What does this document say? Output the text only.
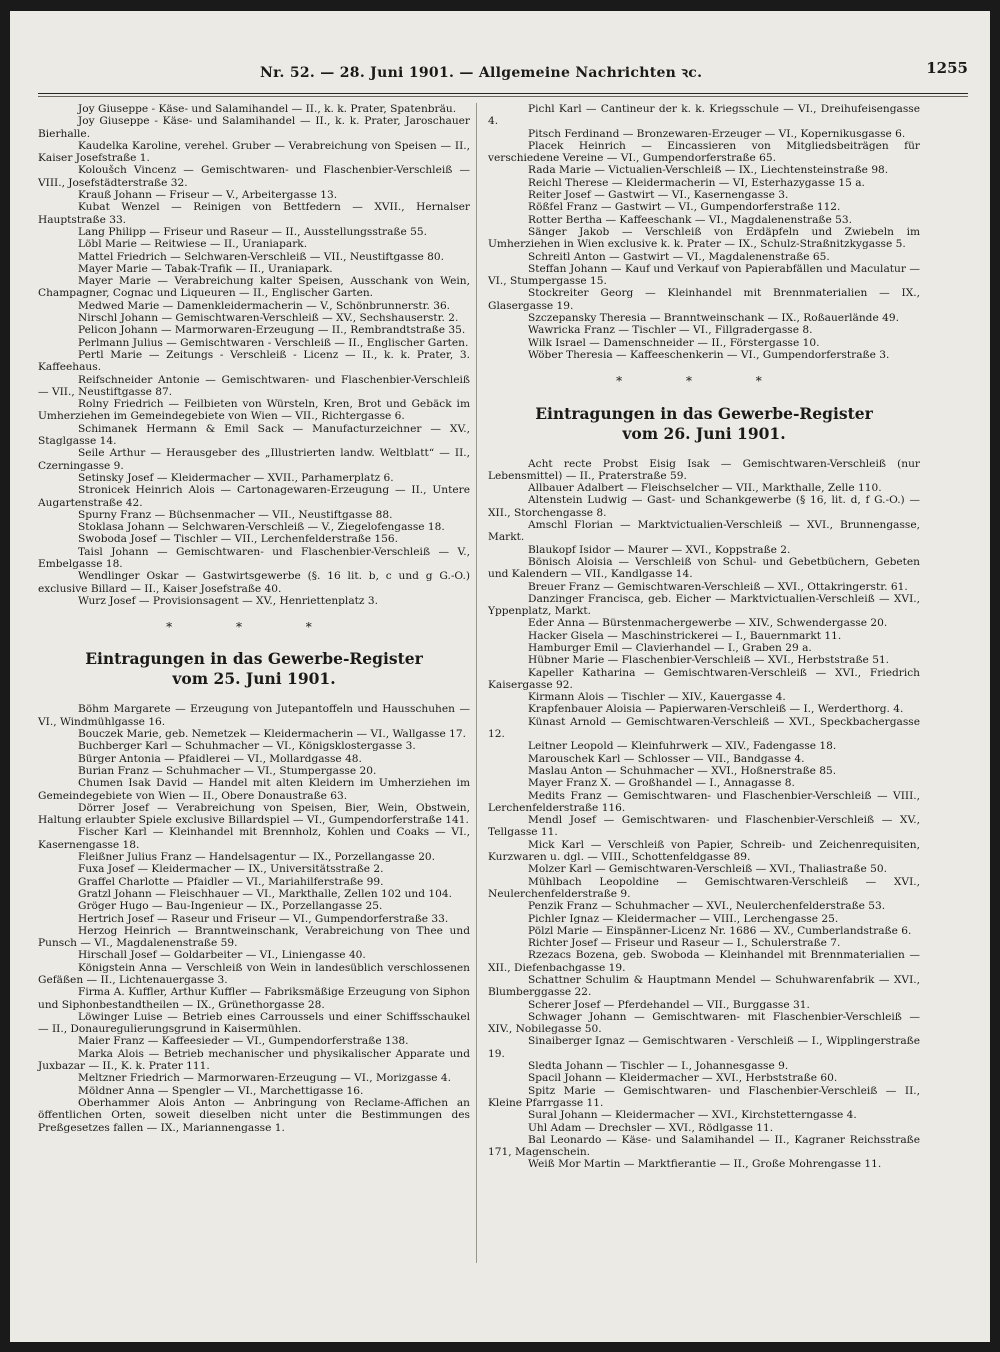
Nr. 52. — 28. Juni 1901. — Allgemeine Nachrichten ꝛc.	1255

Joy Giuseppe - Käse- und Salamihandel — II., k. k. Prater, Spatenbräu.

Joy Giuseppe - Käse- und Salamihandel — II., k. k. Prater, Jaroschauer Bierhalle.

Kaudelka Karoline, verehel. Gruber — Verabreichung von Speisen — II., Kaiser Josefstraße 1.

Koloušch Vincenz — Gemischtwaren- und Flaschenbier-Verschleiß — VIII., Josefstädterstraße 32.

Krauß Johann — Friseur — V., Arbeitergasse 13.

Kubat Wenzel — Reinigen von Bettfedern — XVII., Hernalser Hauptstraße 33.

Lang Philipp — Friseur und Raseur — II., Ausstellungsstraße 55.

Löbl Marie — Reitwiese — II., Uraniapark.

Mattel Friedrich — Selchwaren-Verschleiß — VII., Neustiftgasse 80.

Mayer Marie — Tabak-Trafik — II., Uraniapark.

Mayer Marie — Verabreichung kalter Speisen, Ausschank von Wein, Champagner, Cognac und Liqueuren — II., Englischer Garten.

Medwed Marie — Damenkleidermacherin — V., Schönbrunnerstr. 36.

Nirschl Johann — Gemischtwaren-Verschleiß — XV., Sechshauserstr. 2.

Pelicon Johann — Marmorwaren-Erzeugung — II., Rembrandtstraße 35.

Perlmann Julius — Gemischtwaren - Verschleiß — II., Englischer Garten.

Pertl Marie — Zeitungs - Verschleiß - Licenz — II., k. k. Prater, 3. Kaffeehaus.

Reifschneider Antonie — Gemischtwaren- und Flaschenbier-Verschleiß — VII., Neustiftgasse 87.

Rolny Friedrich — Feilbieten von Würsteln, Kren, Brot und Gebäck im Umherziehen im Gemeindegebiete von Wien — VII., Richtergasse 6.

Schimanek Hermann & Emil Sack — Manufacturzeichner — XV., Staglgasse 14.

Seile Arthur — Herausgeber des „Illustrierten landw. Weltblatt“ — II., Czerningasse 9.

Setinsky Josef — Kleidermacher — XVII., Parhamerplatz 6.

Stronicek Heinrich Alois — Cartonagewaren-Erzeugung — II., Untere Augartenstraße 42.

Spurny Franz — Büchsenmacher — VII., Neustiftgasse 88.

Stoklasa Johann — Selchwaren-Verschleiß — V., Ziegelofengasse 18.

Swoboda Josef — Tischler — VII., Lerchenfelderstraße 156.

Taisl Johann — Gemischtwaren- und Flaschenbier-Verschleiß — V., Embelgasse 18.

Wendlinger Oskar — Gastwirtsgewerbe (§. 16 lit. b, c und g G.-O.) exclusive Billard — II., Kaiser Josefstraße 40.

Wurz Josef — Provisionsagent — XV., Henriettenplatz 3.

* * *
Eintragungen in das Gewerbe-Register
vom 25. Juni 1901.

Böhm Margarete — Erzeugung von Jutepantoffeln und Hausschuhen — VI., Windmühlgasse 16.

Bouczek Marie, geb. Nemetzek — Kleidermacherin — VI., Wallgasse 17.

Buchberger Karl — Schuhmacher — VI., Königsklostergasse 3.

Bürger Antonia — Pfaidlerei — VI., Mollardgasse 48.

Burian Franz — Schuhmacher — VI., Stumpergasse 20.

Chumen Isak David — Handel mit alten Kleidern im Umherziehen im Gemeindegebiete von Wien — II., Obere Donaustraße 63.

Dörrer Josef — Verabreichung von Speisen, Bier, Wein, Obstwein, Haltung erlaubter Spiele exclusive Billardspiel — VI., Gumpendorferstraße 141.

Fischer Karl — Kleinhandel mit Brennholz, Kohlen und Coaks — VI., Kasernengasse 18.

Fleißner Julius Franz — Handelsagentur — IX., Porzellangasse 20.

Fuxa Josef — Kleidermacher — IX., Universitätsstraße 2.

Graffel Charlotte — Pfaidler — VI., Mariahilferstraße 99.

Gratzl Johann — Fleischhauer — VI., Markthalle, Zellen 102 und 104.

Gröger Hugo — Bau-Ingenieur — IX., Porzellangasse 25.

Hertrich Josef — Raseur und Friseur — VI., Gumpendorferstraße 33.

Herzog Heinrich — Branntweinschank, Verabreichung von Thee und Punsch — VI., Magdalenenstraße 59.

Hirschall Josef — Goldarbeiter — VI., Liniengasse 40.

Königstein Anna — Verschleiß von Wein in landesüblich verschlossenen Gefäßen — II., Lichtenauergasse 3.

Firma A. Kuffler, Arthur Kuffler — Fabriksmäßige Erzeugung von Siphon und Siphonbestandtheilen — IX., Grünethorgasse 28.

Löwinger Luise — Betrieb eines Carroussels und einer Schiffsschaukel — II., Donauregulierungsgrund in Kaisermühlen.

Maier Franz — Kaffeesieder — VI., Gumpendorferstraße 138.

Marka Alois — Betrieb mechanischer und physikalischer Apparate und Juxbazar — II., K. k. Prater 111.

Meltzner Friedrich — Marmorwaren-Erzeugung — VI., Morizgasse 4.

Möldner Anna — Spengler — VI., Marchettigasse 16.

Oberhammer Alois Anton — Anbringung von Reclame-Affichen an öffentlichen Orten, soweit dieselben nicht unter die Bestimmungen des Preßgesetzes fallen — IX., Mariannengasse 1.

Pichl Karl — Cantineur der k. k. Kriegsschule — VI., Dreihufeisengasse 4.

Pitsch Ferdinand — Bronzewaren-Erzeuger — VI., Kopernikusgasse 6.

Placek Heinrich — Eincassieren von Mitgliedsbeiträgen für verschiedene Vereine — VI., Gumpendorferstraße 65.

Rada Marie — Victualien-Verschleiß — IX., Liechtensteinstraße 98.

Reichl Therese — Kleidermacherin — VI, Esterhazygasse 15 a.

Reiter Josef — Gastwirt — VI., Kasernengasse 3.

Rößfel Franz — Gastwirt — VI., Gumpendorferstraße 112.

Rotter Bertha — Kaffeeschank — VI., Magdalenenstraße 53.

Sänger Jakob — Verschleiß von Erdäpfeln und Zwiebeln im Umherziehen in Wien exclusive k. k. Prater — IX., Schulz-Straßnitzkygasse 5.

Schreitl Anton — Gastwirt — VI., Magdalenenstraße 65.

Steffan Johann — Kauf und Verkauf von Papierabfällen und Maculatur — VI., Stumpergasse 15.

Stockreiter Georg — Kleinhandel mit Brennmaterialien — IX., Glasergasse 19.

Szczepansky Theresia — Branntweinschank — IX., Roßauerlände 49.

Wawricka Franz — Tischler — VI., Fillgradergasse 8.

Wilk Israel — Damenschneider — II., Förstergasse 10.

Wöber Theresia — Kaffeeschenkerin — VI., Gumpendorferstraße 3.

* * *
Eintragungen in das Gewerbe-Register
vom 26. Juni 1901.

Acht recte Probst Eisig Isak — Gemischtwaren-Verschleiß (nur Lebensmittel) — II., Praterstraße 59.

Allbauer Adalbert — Fleischselcher — VII., Markthalle, Zelle 110.

Altenstein Ludwig — Gast- und Schankgewerbe (§ 16, lit. d, f G.-O.) — XII., Storchengasse 8.

Amschl Florian — Marktvictualien-Verschleiß — XVI., Brunnengasse, Markt.

Blaukopf Isidor — Maurer — XVI., Koppstraße 2.

Bönisch Aloisia — Verschleiß von Schul- und Gebetbüchern, Gebeten und Kalendern — VII., Kandlgasse 14.

Breuer Franz — Gemischtwaren-Verschleiß — XVI., Ottakringerstr. 61.

Danzinger Francisca, geb. Eicher — Marktvictualien-Verschleiß — XVI., Yppenplatz, Markt.

Eder Anna — Bürstenmachergewerbe — XIV., Schwendergasse 20.

Hacker Gisela — Maschinstrickerei — I., Bauernmarkt 11.

Hamburger Emil — Clavierhandel — I., Graben 29 a.

Hübner Marie — Flaschenbier-Verschleiß — XVI., Herbststraße 51.

Kapeller Katharina — Gemischtwaren-Verschleiß — XVI., Friedrich Kaisergasse 92.

Kirmann Alois — Tischler — XIV., Kauergasse 4.

Krapfenbauer Aloisia — Papierwaren-Verschleiß — I., Werderthorg. 4.

Künast Arnold — Gemischtwaren-Verschleiß — XVI., Speckbachergasse 12.

Leitner Leopold — Kleinfuhrwerk — XIV., Fadengasse 18.

Marouschek Karl — Schlosser — VII., Bandgasse 4.

Maslau Anton — Schuhmacher — XVI., Hoßnerstraße 85.

Mayer Franz X. — Großhandel — I., Annagasse 8.

Medits Franz — Gemischtwaren- und Flaschenbier-Verschleiß — VIII., Lerchenfelderstraße 116.

Mendl Josef — Gemischtwaren- und Flaschenbier-Verschleiß — XV., Tellgasse 11.

Mick Karl — Verschleiß von Papier, Schreib- und Zeichenrequisiten, Kurzwaren u. dgl. — VIII., Schottenfeldgasse 89.

Molzer Karl — Gemischtwaren-Verschleiß — XVI., Thaliastraße 50.

Mühlbach Leopoldine — Gemischtwaren-Verschleiß — XVI., Neulerchenfelderstraße 9.

Penzik Franz — Schuhmacher — XVI., Neulerchenfelderstraße 53.

Pichler Ignaz — Kleidermacher — VIII., Lerchengasse 25.

Pölzl Marie — Einspänner-Licenz Nr. 1686 — XV., Cumberlandstraße 6.

Richter Josef — Friseur und Raseur — I., Schulerstraße 7.

Rzezacs Bozena, geb. Swoboda — Kleinhandel mit Brennmaterialien — XII., Diefenbachgasse 19.

Schattner Schulim & Hauptmann Mendel — Schuhwarenfabrik — XVI., Blumberggasse 22.

Scherer Josef — Pferdehandel — VII., Burggasse 31.

Schwager Johann — Gemischtwaren- mit Flaschenbier-Verschleiß — XIV., Nobilegasse 50.

Sinaiberger Ignaz — Gemischtwaren - Verschleiß — I., Wipplingerstraße 19.

Sledta Johann — Tischler — I., Johannesgasse 9.

Spacil Johann — Kleidermacher — XVI., Herbststraße 60.

Spitz Marie — Gemischtwaren- und Flaschenbier-Verschleiß — II., Kleine Pfarrgasse 11.

Sural Johann — Kleidermacher — XVI., Kirchstetterngasse 4.

Uhl Adam — Drechsler — XVI., Rödlgasse 11.

Bal Leonardo — Käse- und Salamihandel — II., Kagraner Reichsstraße 171, Magenschein.

Weiß Mor Martin — Marktfierantie — II., Große Mohrengasse 11.
